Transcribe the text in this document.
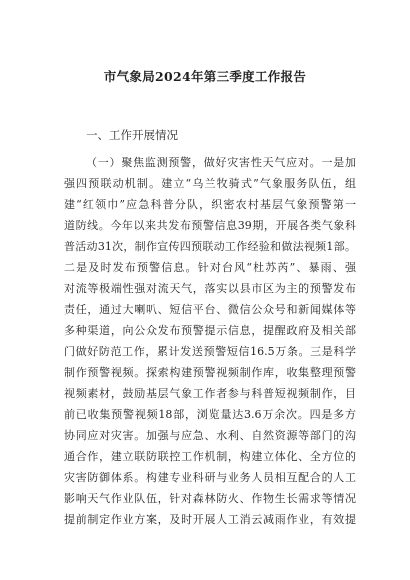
市气象局2024年第三季度工作报告
一、工作开展情况
（一）聚焦监测预警，做好灾害性天气应对。一是加
强四预联动机制。建立“乌兰牧骑式”气象服务队伍，组
建“红领巾”应急科普分队，织密农村基层气象预警第一
道防线。今年以来共发布预警信息39期，开展各类气象科
普活动31次，制作宣传四预联动工作经验和做法视频1部。
二是及时发布预警信息。针对台风“杜苏芮”、暴雨、强
对流等极端性强对流天气，落实以县市区为主的预警发布
责任，通过大喇叭、短信平台、微信公众号和新闻媒体等
多种渠道，向公众发布预警提示信息，提醒政府及相关部
门做好防范工作，累计发送预警短信16.5万条。三是科学
制作预警视频。探索构建预警视频制作库，收集整理预警
视频素材，鼓励基层气象工作者参与科普短视频制作，目
前已收集预警视频18部，浏览量达3.6万余次。四是多方
协同应对灾害。加强与应急、水利、自然资源等部门的沟
通合作，建立联防联控工作机制，构建立体化、全方位的
灾害防御体系。构建专业科研与业务人员相互配合的人工
影响天气作业队伍，针对森林防火、作物生长需求等情况
提前制定作业方案，及时开展人工消云减雨作业，有效提
